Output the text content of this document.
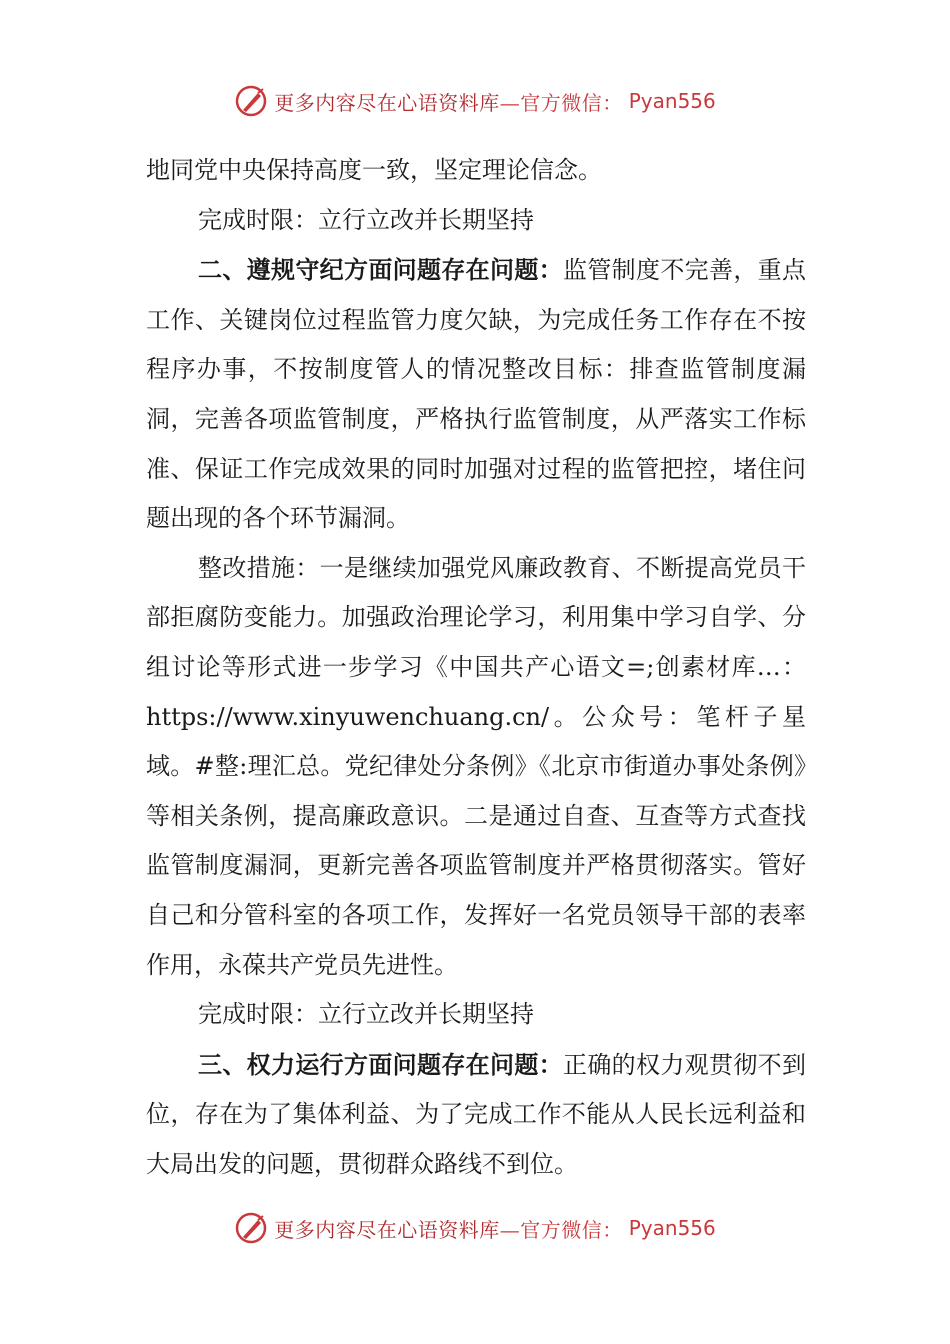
更多内容尽在心语资料库—官方微信： Pyan556

地同党中央保持高度一致，坚定理论信念。

完成时限：立行立改并长期坚持

二、遵规守纪方面问题存在问题：监管制度不完善，重点工作、关键岗位过程监管力度欠缺，为完成任务工作存在不按程序办事，不按制度管人的情况整改目标：排查监管制度漏洞，完善各项监管制度，严格执行监管制度，从严落实工作标准、保证工作完成效果的同时加强对过程的监管把控，堵住问题出现的各个环节漏洞。

整改措施：一是继续加强党风廉政教育、不断提高党员干部拒腐防变能力。加强政治理论学习，利用集中学习自学、分组讨论等形式进一步学习《中国共产心语文=;创素材库…：https://www.xinyuwenchuang.cn/。公众号：笔杆子星域。#整:理汇总。党纪律处分条例》《北京市街道办事处条例》等相关条例，提高廉政意识。二是通过自查、互查等方式查找监管制度漏洞，更新完善各项监管制度并严格贯彻落实。管好自己和分管科室的各项工作，发挥好一名党员领导干部的表率作用，永葆共产党员先进性。

完成时限：立行立改并长期坚持

三、权力运行方面问题存在问题：正确的权力观贯彻不到位，存在为了集体利益、为了完成工作不能从人民长远利益和大局出发的问题，贯彻群众路线不到位。

更多内容尽在心语资料库—官方微信： Pyan556
